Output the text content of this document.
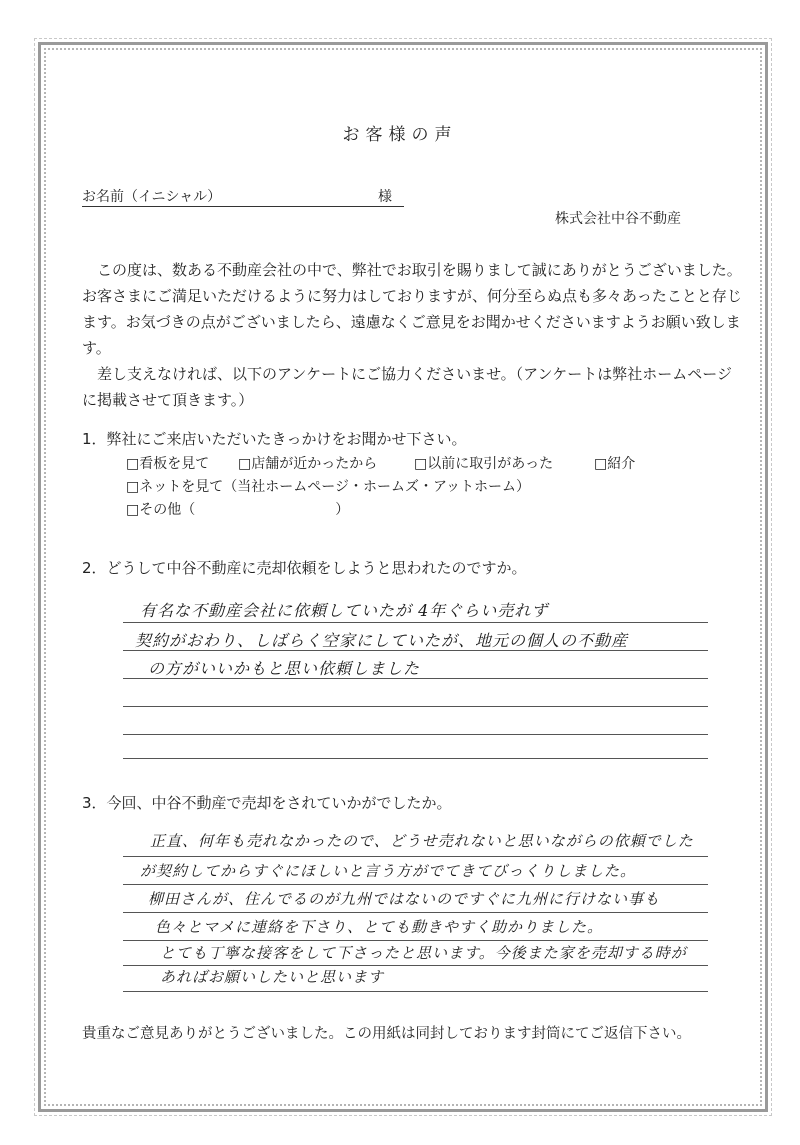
お客様の声
お名前（イニシャル）	様
株式会社中谷不動産

この度は、数ある不動産会社の中で、弊社でお取引を賜りまして誠にありがとうございました。お客さまにご満足いただけるように努力はしておりますが、何分至らぬ点も多々あったことと存じます。お気づきの点がございましたら、遠慮なくご意見をお聞かせくださいますようお願い致します。

差し支えなければ、以下のアンケートにご協力くださいませ。（アンケートは弊社ホームページに掲載させて頂きます。）

1．弊社にご来店いただいたきっかけをお聞かせ下さい。
□看板を見て □店舗が近かったから	□以前に取引があった	□紹介
□ネットを見て（当社ホームページ・ホームズ・アットホーム）
□その他（　　　　　　　　　　）
2．どうして中谷不動産に売却依頼をしようと思われたのですか。
有名な不動産会社に依頼していたが 4年ぐらい売れず
契約がおわり、しばらく空家にしていたが、地元の個人の不動産
の方がいいかもと思い依頼しました
3．今回、中谷不動産で売却をされていかがでしたか。
正直、何年も売れなかったので、どうせ売れないと思いながらの依頼でした
が契約してからすぐにほしいと言う方がでてきてびっくりしました。
柳田さんが、住んでるのが九州ではないのですぐに九州に行けない事も
色々とマメに連絡を下さり、とても動きやすく助かりました。
とても丁寧な接客をして下さったと思います。今後また家を売却する時が
あればお願いしたいと思います
貴重なご意見ありがとうございました。この用紙は同封しております封筒にてご返信下さい。
